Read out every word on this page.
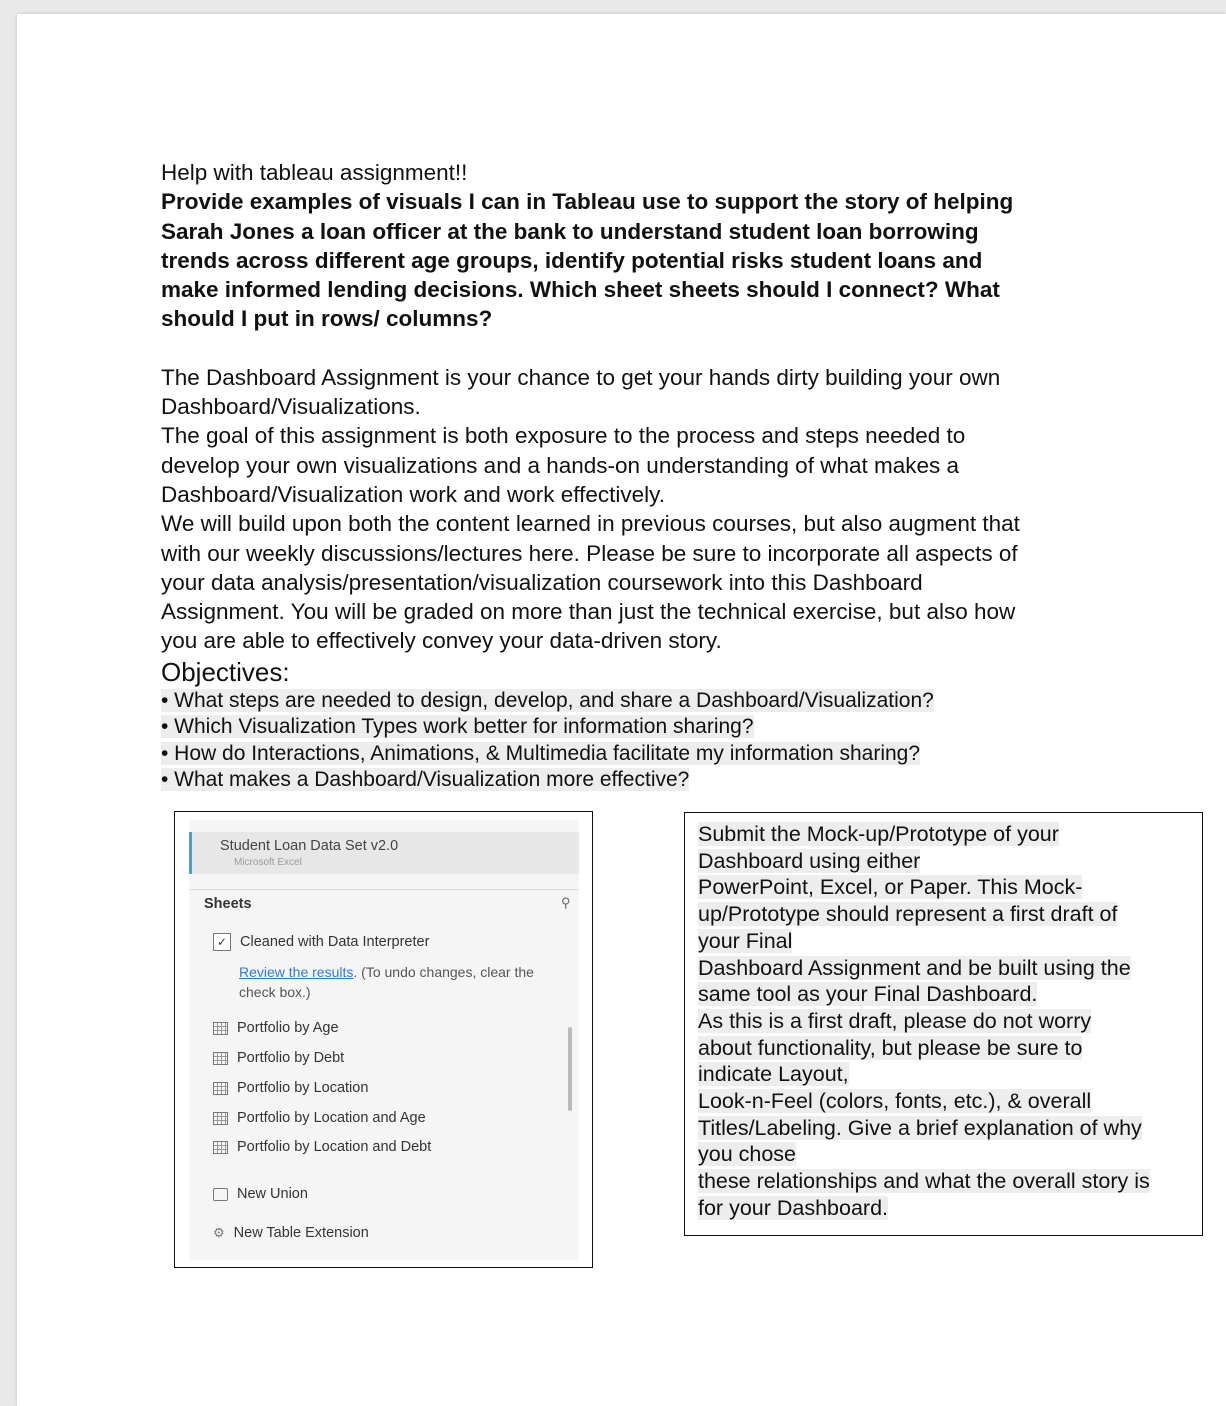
Help with tableau assignment!!
Provide examples of visuals I can in Tableau use to support the story of helping
Sarah Jones a loan officer at the bank to understand student loan borrowing
trends across different age groups, identify potential risks student loans and
make informed lending decisions. Which sheet sheets should I connect? What
should I put in rows/ columns?
The Dashboard Assignment is your chance to get your hands dirty building your own
Dashboard/Visualizations.
The goal of this assignment is both exposure to the process and steps needed to
develop your own visualizations and a hands-on understanding of what makes a
Dashboard/Visualization work and work effectively.
We will build upon both the content learned in previous courses, but also augment that
with our weekly discussions/lectures here. Please be sure to incorporate all aspects of
your data analysis/presentation/visualization coursework into this Dashboard
Assignment. You will be graded on more than just the technical exercise, but also how
you are able to effectively convey your data-driven story.
Objectives:
• What steps are needed to design, develop, and share a Dashboard/Visualization?
• Which Visualization Types work better for information sharing?
• How do Interactions, Animations, & Multimedia facilitate my information sharing?
• What makes a Dashboard/Visualization more effective?
Student Loan Data Set v2.0
Microsoft Excel
Sheets	⚲
✓ Cleaned with Data Interpreter
Review the results. (To undo changes, clear the
check box.)
Portfolio by Age
Portfolio by Debt
Portfolio by Location
Portfolio by Location and Age
Portfolio by Location and Debt
New Union
⚙ New Table Extension
Submit the Mock-up/Prototype of your
Dashboard using either
PowerPoint, Excel, or Paper. This Mock-
up/Prototype should represent a first draft of
your Final
Dashboard Assignment and be built using the
same tool as your Final Dashboard.
As this is a first draft, please do not worry
about functionality, but please be sure to
indicate Layout,
Look-n-Feel (colors, fonts, etc.), & overall
Titles/Labeling. Give a brief explanation of why
you chose
these relationships and what the overall story is
for your Dashboard.
